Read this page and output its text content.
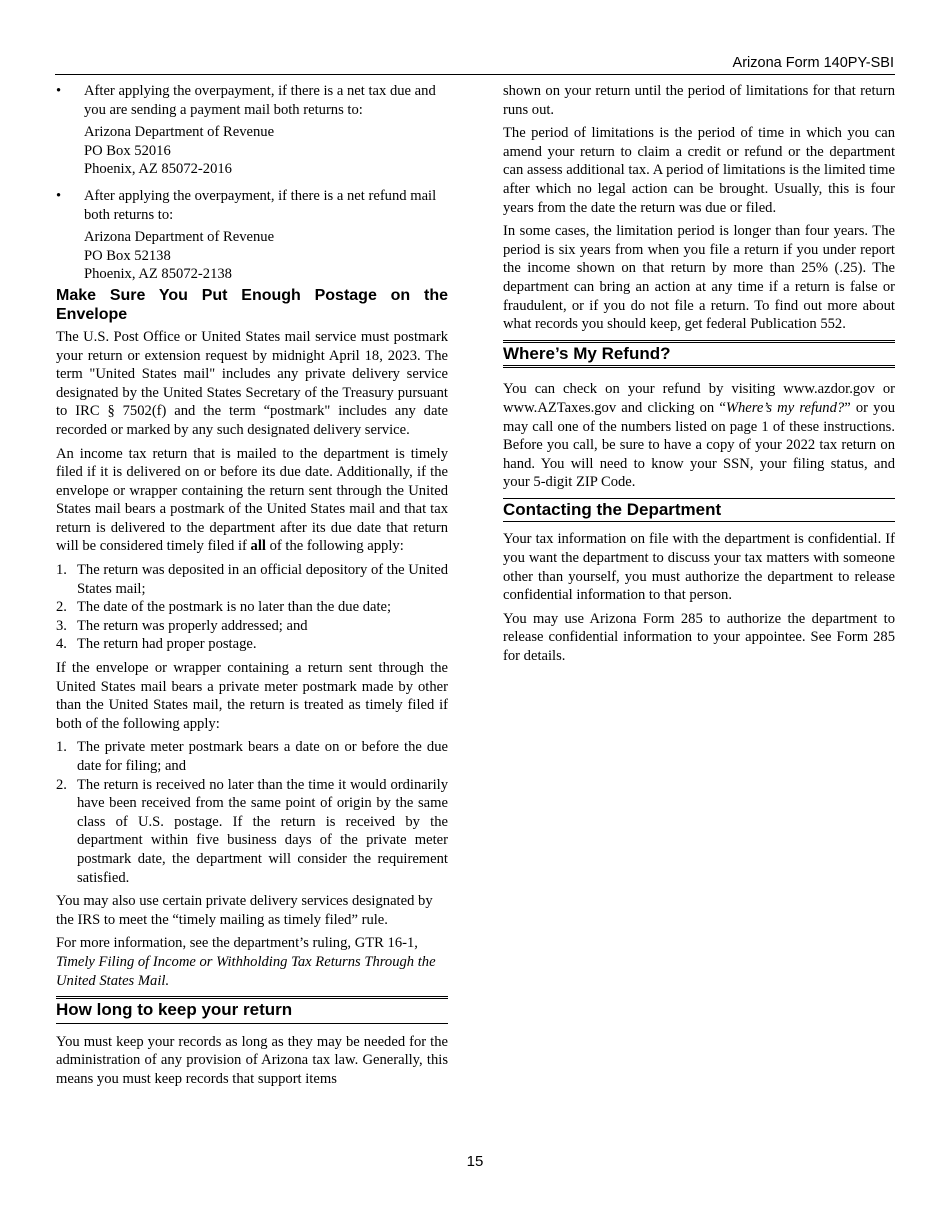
Arizona Form 140PY-SBI
• After applying the overpayment, if there is a net tax due and you are sending a payment mail both returns to:

Arizona Department of Revenue
PO Box 52016
Phoenix, AZ 85072-2016
• After applying the overpayment, if there is a net refund mail both returns to:

Arizona Department of Revenue
PO Box 52138
Phoenix, AZ 85072-2138
Make Sure You Put Enough Postage on the Envelope

The U.S. Post Office or United States mail service must postmark your return or extension request by midnight April 18, 2023. The term "United States mail" includes any private delivery service designated by the United States Secretary of the Treasury pursuant to IRC § 7502(f) and the term “postmark" includes any date recorded or marked by any such designated delivery service.

An income tax return that is mailed to the department is timely filed if it is delivered on or before its due date. Additionally, if the envelope or wrapper containing the return sent through the United States mail bears a postmark of the United States mail and that tax return is delivered to the department after its due date that return will be considered timely filed if all of the following apply:

1. The return was deposited in an official depository of the United States mail;
2. The date of the postmark is no later than the due date;
3. The return was properly addressed; and
4. The return had proper postage.

If the envelope or wrapper containing a return sent through the United States mail bears a private meter postmark made by other than the United States mail, the return is treated as timely filed if both of the following apply:

1. The private meter postmark bears a date on or before the due date for filing; and
2. The return is received no later than the time it would ordinarily have been received from the same point of origin by the same class of U.S. postage. If the return is received by the department within five business days of the private meter postmark date, the department will consider the requirement satisfied.

You may also use certain private delivery services designated by the IRS to meet the “timely mailing as timely filed” rule.

For more information, see the department’s ruling, GTR 16-1, Timely Filing of Income or Withholding Tax Returns Through the United States Mail.

How long to keep your return

You must keep your records as long as they may be needed for the administration of any provision of Arizona tax law. Generally, this means you must keep records that support items

shown on your return until the period of limitations for that return runs out.

The period of limitations is the period of time in which you can amend your return to claim a credit or refund or the department can assess additional tax. A period of limitations is the limited time after which no legal action can be brought. Usually, this is four years from the date the return was due or filed.

In some cases, the limitation period is longer than four years. The period is six years from when you file a return if you under report the income shown on that return by more than 25% (.25). The department can bring an action at any time if a return is false or fraudulent, or if you do not file a return. To find out more about what records you should keep, get federal Publication 552.

Where’s My Refund?

You can check on your refund by visiting www.azdor.gov or www.AZTaxes.gov and clicking on “Where’s my refund?” or you may call one of the numbers listed on page 1 of these instructions. Before you call, be sure to have a copy of your 2022 tax return on hand. You will need to know your SSN, your filing status, and your 5-digit ZIP Code.

Contacting the Department

Your tax information on file with the department is confidential. If you want the department to discuss your tax matters with someone other than yourself, you must authorize the department to release confidential information to that person.

You may use Arizona Form 285 to authorize the department to release confidential information to your appointee. See Form 285 for details.

15
